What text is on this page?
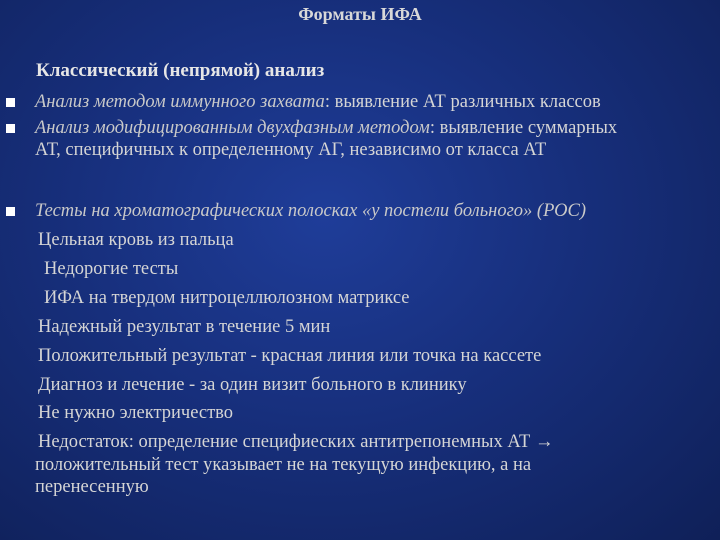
Форматы ИФА
Классический (непрямой) анализ
Анализ методом иммунного захвата: выявление АТ различных классов
Анализ модифицированным двухфазным методом: выявление суммарных
АТ, специфичных к определенному АГ, независимо от класса АТ
Тесты на хроматографических полосках «у постели больного» (РОС)
Цельная кровь из пальца
Недорогие тесты
ИФА на твердом нитроцеллюлозном матриксе
Надежный результат в течение 5 мин
Положительный результат - красная линия или точка на кассете
Диагноз и лечение - за один визит больного в клинику
Не нужно электричество
Недостаток: определение специфиеских антитрепонемных АТ →
положительный тест указывает не на текущую инфекцию, а на
перенесенную
